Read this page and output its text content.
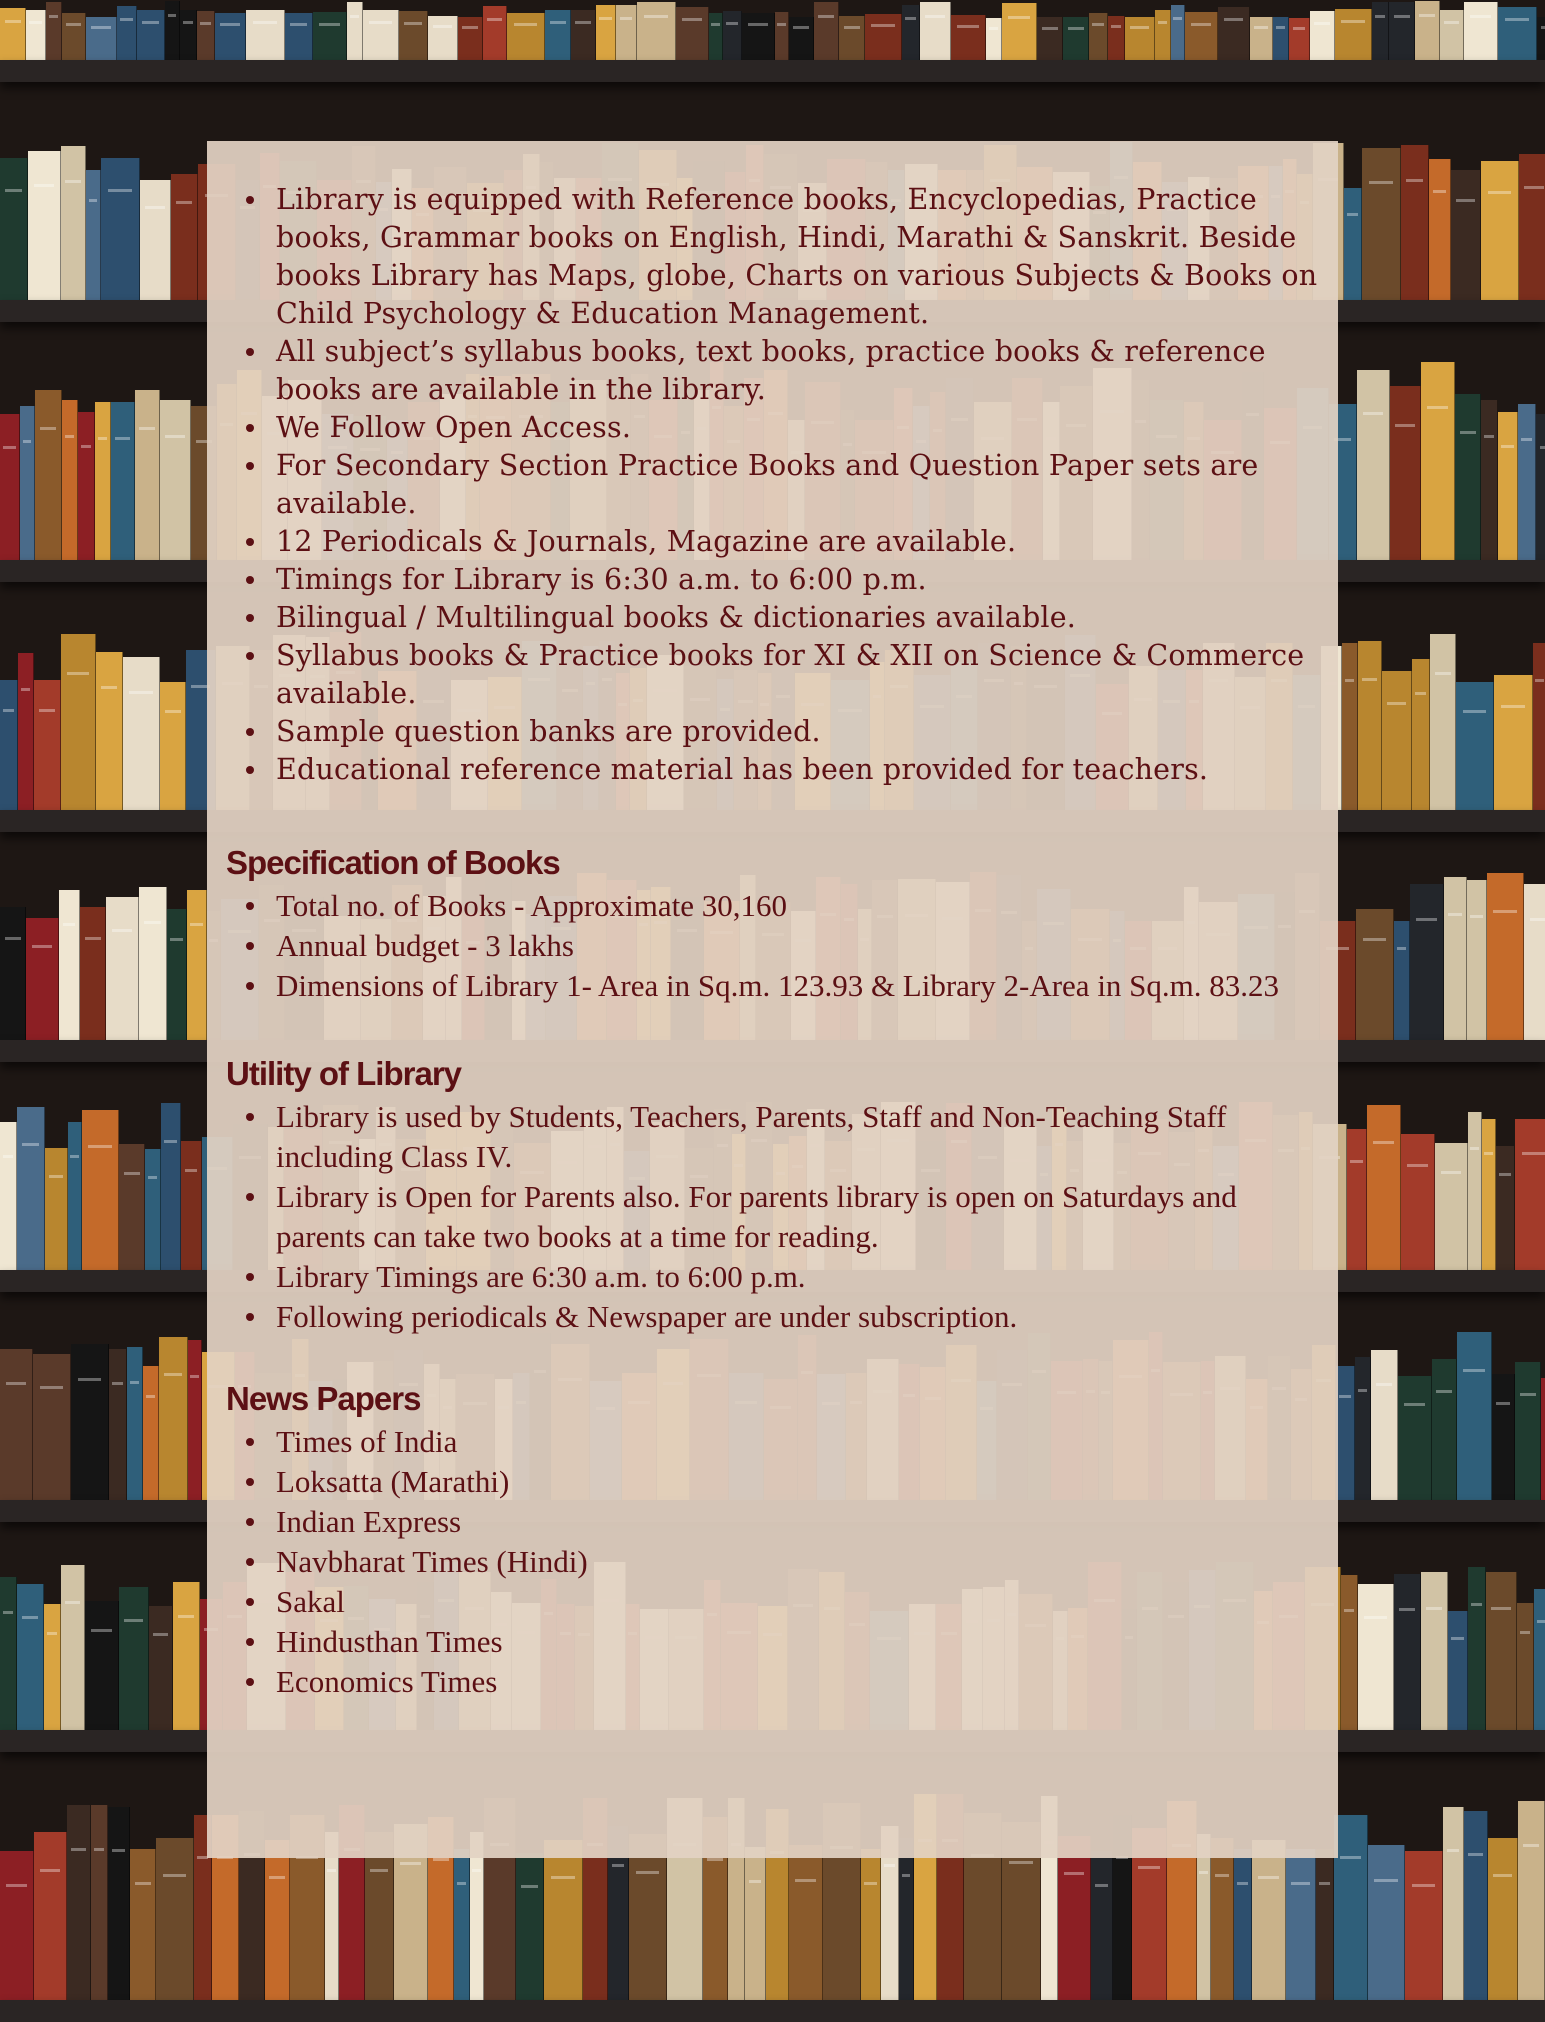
Library is equipped with Reference books, Encyclopedias, Practice books, Grammar books on English, Hindi, Marathi & Sanskrit. Beside books Library has Maps, globe, Charts on various Subjects & Books on Child Psychology & Education Management.
All subject’s syllabus books, text books, practice books & reference books are available in the library.
We Follow Open Access.
For Secondary Section Practice Books and Question Paper sets are available.
12 Periodicals & Journals, Magazine are available.
Timings for Library is 6:30 a.m. to 6:00 p.m.
Bilingual / Multilingual books & dictionaries available.
Syllabus books & Practice books for XI & XII on Science & Commerce available.
Sample question banks are provided.
Educational reference material has been provided for teachers.
Specification of Books
Total no. of Books - Approximate 30,160
Annual budget - 3 lakhs
Dimensions of Library 1- Area in Sq.m. 123.93 & Library 2-Area in Sq.m. 83.23
Utility of Library
Library is used by Students, Teachers, Parents, Staff and Non-Teaching Staff including Class IV.
Library is Open for Parents also. For parents library is open on Saturdays and parents can take two books at a time for reading.
Library Timings are 6:30 a.m. to 6:00 p.m.
Following periodicals & Newspaper are under subscription.
News Papers
Times of India
Loksatta (Marathi)
Indian Express
Navbharat Times (Hindi)
Sakal
Hindusthan Times
Economics Times
